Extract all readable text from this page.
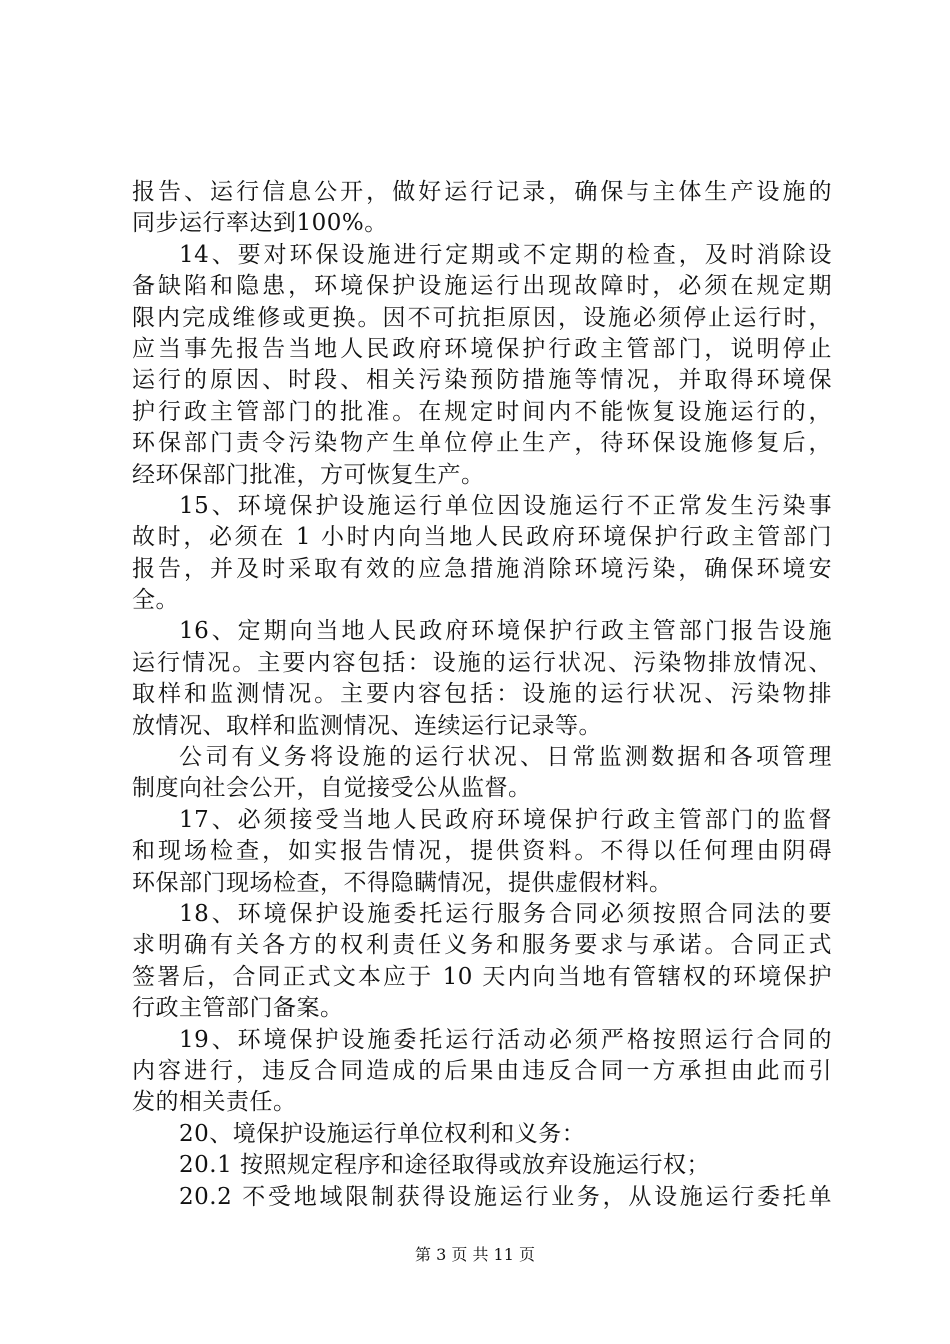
报告、运行信息公开，做好运行记录，确保与主体生产设施的
同步运行率达到100%。
14、要对环保设施进行定期或不定期的检查，及时消除设
备缺陷和隐患，环境保护设施运行出现故障时，必须在规定期
限内完成维修或更换。因不可抗拒原因，设施必须停止运行时，
应当事先报告当地人民政府环境保护行政主管部门，说明停止
运行的原因、时段、相关污染预防措施等情况，并取得环境保
护行政主管部门的批准。在规定时间内不能恢复设施运行的，
环保部门责令污染物产生单位停止生产，待环保设施修复后，
经环保部门批准，方可恢复生产。
15、环境保护设施运行单位因设施运行不正常发生污染事
故时，必须在 1 小时内向当地人民政府环境保护行政主管部门
报告，并及时采取有效的应急措施消除环境污染，确保环境安
全。
16、定期向当地人民政府环境保护行政主管部门报告设施
运行情况。主要内容包括：设施的运行状况、污染物排放情况、
取样和监测情况。主要内容包括：设施的运行状况、污染物排
放情况、取样和监测情况、连续运行记录等。
公司有义务将设施的运行状况、日常监测数据和各项管理
制度向社会公开，自觉接受公从监督。
17、必须接受当地人民政府环境保护行政主管部门的监督
和现场检查，如实报告情况，提供资料。不得以任何理由阴碍
环保部门现场检查，不得隐瞒情况，提供虚假材料。
18、环境保护设施委托运行服务合同必须按照合同法的要
求明确有关各方的权利责任义务和服务要求与承诺。合同正式
签署后，合同正式文本应于 10 天内向当地有管辖权的环境保护
行政主管部门备案。
19、环境保护设施委托运行活动必须严格按照运行合同的
内容进行，违反合同造成的后果由违反合同一方承担由此而引
发的相关责任。
20、境保护设施运行单位权利和义务：
20.1 按照规定程序和途径取得或放弃设施运行权；
20.2 不受地域限制获得设施运行业务，从设施运行委托单
第 3 页 共 11 页
